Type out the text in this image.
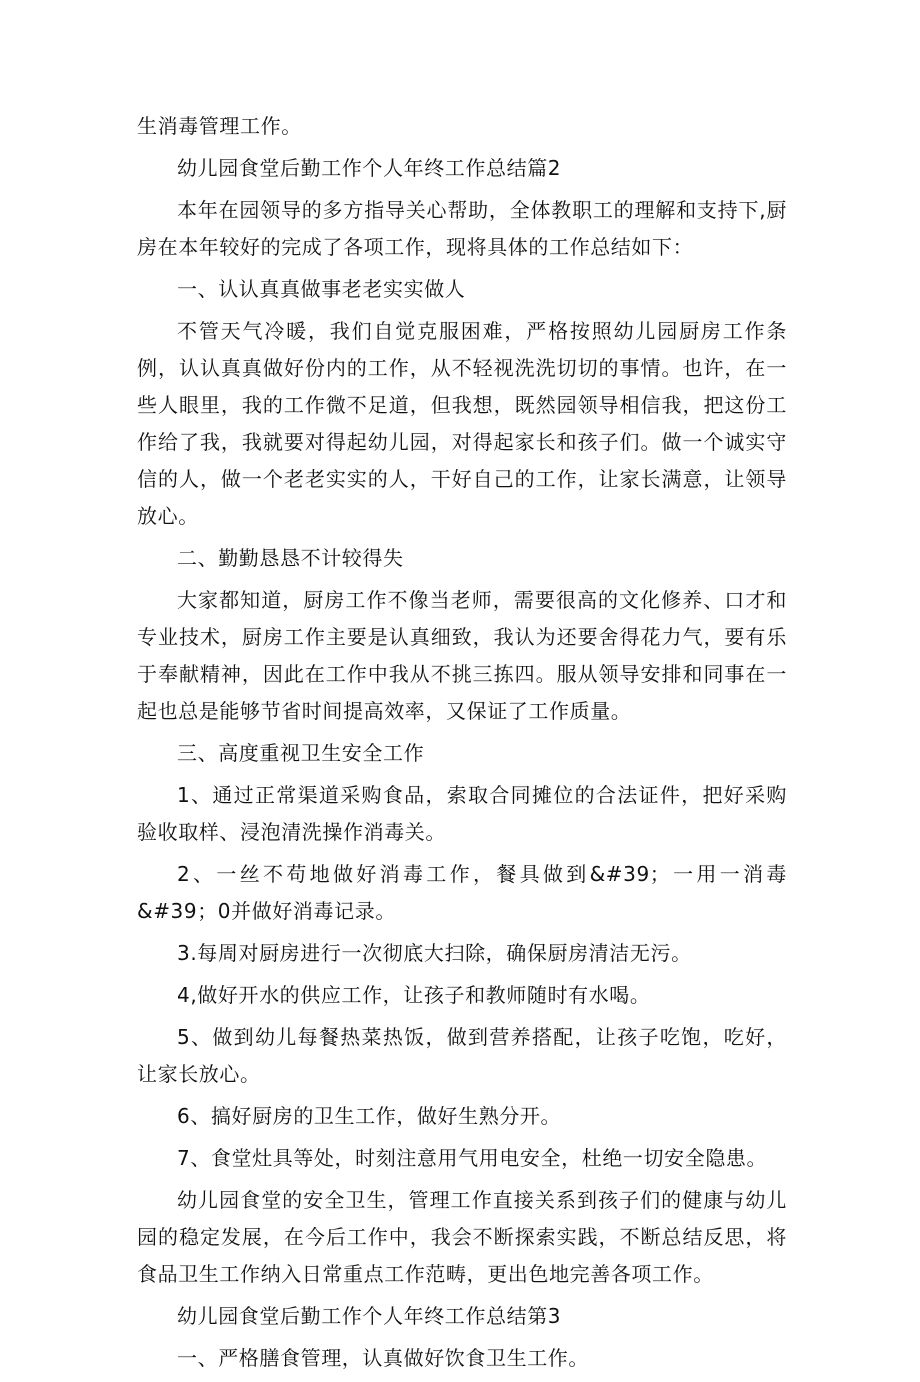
生消毒管理工作。

幼儿园食堂后勤工作个人年终工作总结篇2

本年在园领导的多方指导关心帮助，全体教职工的理解和支持下,厨房在本年较好的完成了各项工作，现将具体的工作总结如下：

一、认认真真做事老老实实做人

不管天气冷暖，我们自觉克服困难，严格按照幼儿园厨房工作条例，认认真真做好份内的工作，从不轻视洗洗切切的事情。也许，在一些人眼里，我的工作微不足道，但我想，既然园领导相信我，把这份工作给了我，我就要对得起幼儿园，对得起家长和孩子们。做一个诚实守信的人，做一个老老实实的人，干好自己的工作，让家长满意，让领导放心。

二、勤勤恳恳不计较得失

大家都知道，厨房工作不像当老师，需要很高的文化修养、口才和专业技术，厨房工作主要是认真细致，我认为还要舍得花力气，要有乐于奉献精神，因此在工作中我从不挑三拣四。服从领导安排和同事在一起也总是能够节省时间提高效率，又保证了工作质量。

三、高度重视卫生安全工作

1、通过正常渠道采购食品，索取合同摊位的合法证件，把好采购验收取样、浸泡清洗操作消毒关。

2、一丝不苟地做好消毒工作，餐具做到&#39；一用一消毒&#39；0并做好消毒记录。

3.每周对厨房进行一次彻底大扫除，确保厨房清洁无污。

4,做好开水的供应工作，让孩子和教师随时有水喝。

5、做到幼儿每餐热菜热饭，做到营养搭配，让孩子吃饱，吃好，让家长放心。

6、搞好厨房的卫生工作，做好生熟分开。

7、食堂灶具等处，时刻注意用气用电安全，杜绝一切安全隐患。

幼儿园食堂的安全卫生，管理工作直接关系到孩子们的健康与幼儿园的稳定发展，在今后工作中，我会不断探索实践，不断总结反思，将食品卫生工作纳入日常重点工作范畴，更出色地完善各项工作。

幼儿园食堂后勤工作个人年终工作总结第3

一、严格膳食管理，认真做好饮食卫生工作。
